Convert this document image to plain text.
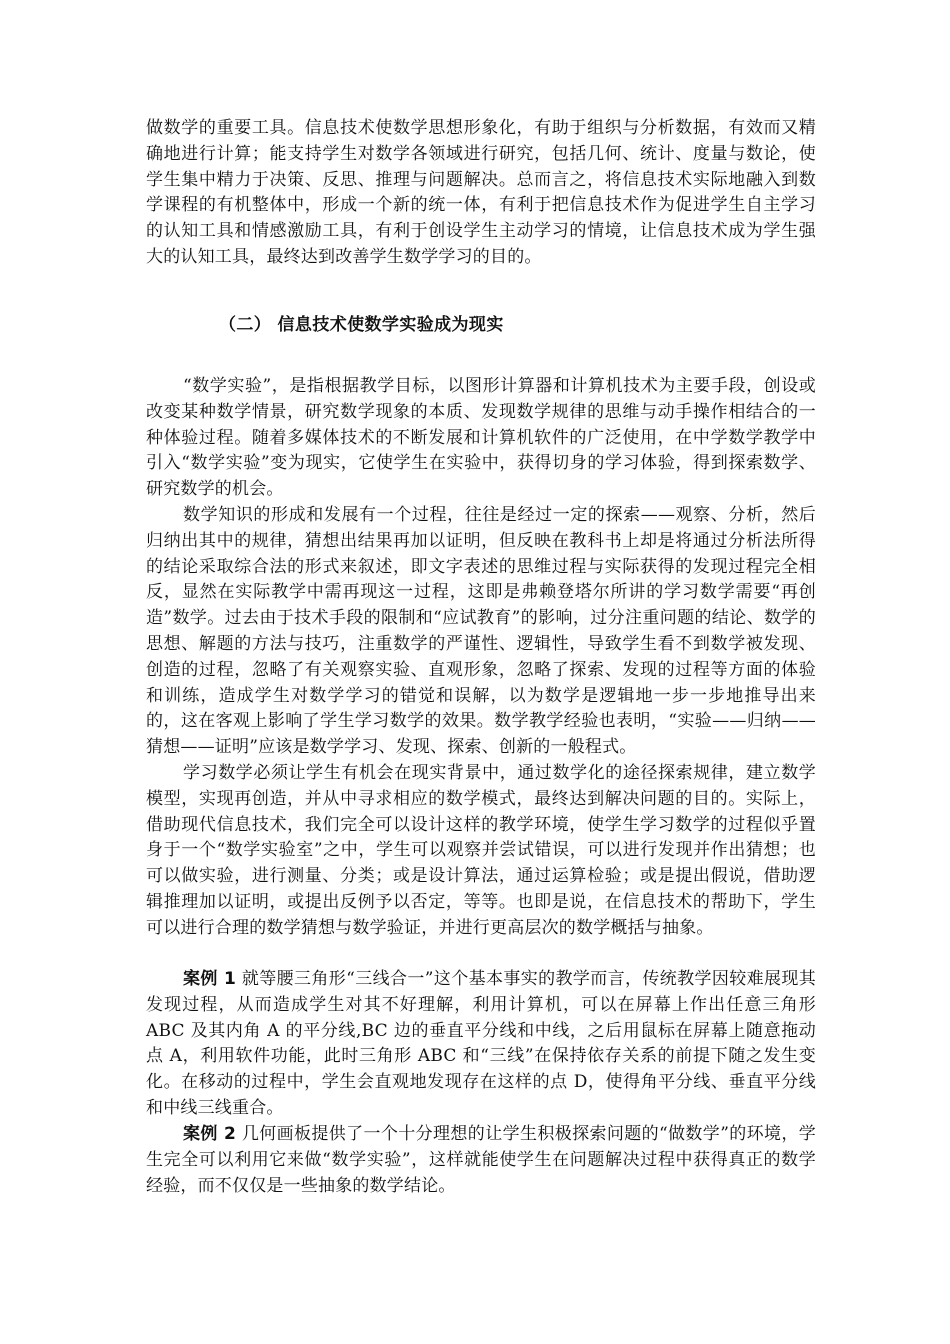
做数学的重要工具。信息技术使数学思想形象化，有助于组织与分析数据，有效而又精确地进行计算；能支持学生对数学各领域进行研究，包括几何、统计、度量与数论，使学生集中精力于决策、反思、推理与问题解决。总而言之，将信息技术实际地融入到数学课程的有机整体中，形成一个新的统一体，有利于把信息技术作为促进学生自主学习的认知工具和情感激励工具，有利于创设学生主动学习的情境，让信息技术成为学生强大的认知工具，最终达到改善学生数学学习的目的。

（二） 信息技术使数学实验成为现实

“数学实验”，是指根据教学目标，以图形计算器和计算机技术为主要手段，创设或改变某种数学情景，研究数学现象的本质、发现数学规律的思维与动手操作相结合的一种体验过程。随着多媒体技术的不断发展和计算机软件的广泛使用，在中学数学教学中引入“数学实验”变为现实，它使学生在实验中，获得切身的学习体验，得到探索数学、研究数学的机会。

数学知识的形成和发展有一个过程，往往是经过一定的探索——观察、分析，然后归纳出其中的规律，猜想出结果再加以证明，但反映在教科书上却是将通过分析法所得的结论采取综合法的形式来叙述，即文字表述的思维过程与实际获得的发现过程完全相反，显然在实际教学中需再现这一过程，这即是弗赖登塔尔所讲的学习数学需要“再创造”数学。过去由于技术手段的限制和“应试教育”的影响，过分注重问题的结论、数学的思想、解题的方法与技巧，注重数学的严谨性、逻辑性，导致学生看不到数学被发现、创造的过程，忽略了有关观察实验、直观形象，忽略了探索、发现的过程等方面的体验和训练，造成学生对数学学习的错觉和误解，以为数学是逻辑地一步一步地推导出来的，这在客观上影响了学生学习数学的效果。数学教学经验也表明，“实验——归纳——猜想——证明”应该是数学学习、发现、探索、创新的一般程式。

学习数学必须让学生有机会在现实背景中，通过数学化的途径探索规律，建立数学模型，实现再创造，并从中寻求相应的数学模式，最终达到解决问题的目的。实际上，借助现代信息技术，我们完全可以设计这样的教学环境，使学生学习数学的过程似乎置身于一个“数学实验室”之中，学生可以观察并尝试错误，可以进行发现并作出猜想；也可以做实验，进行测量、分类；或是设计算法，通过运算检验；或是提出假说，借助逻辑推理加以证明，或提出反例予以否定，等等。也即是说，在信息技术的帮助下，学生可以进行合理的数学猜想与数学验证，并进行更高层次的数学概括与抽象。

案例 1 就等腰三角形“三线合一”这个基本事实的教学而言，传统教学因较难展现其发现过程，从而造成学生对其不好理解，利用计算机，可以在屏幕上作出任意三角形 ABC 及其内角 A 的平分线,BC 边的垂直平分线和中线，之后用鼠标在屏幕上随意拖动点 A，利用软件功能，此时三角形 ABC 和“三线”在保持依存关系的前提下随之发生变化。在移动的过程中，学生会直观地发现存在这样的点 D，使得角平分线、垂直平分线和中线三线重合。

案例 2 几何画板提供了一个十分理想的让学生积极探索问题的“做数学”的环境，学生完全可以利用它来做“数学实验”，这样就能使学生在问题解决过程中获得真正的数学经验，而不仅仅是一些抽象的数学结论。
